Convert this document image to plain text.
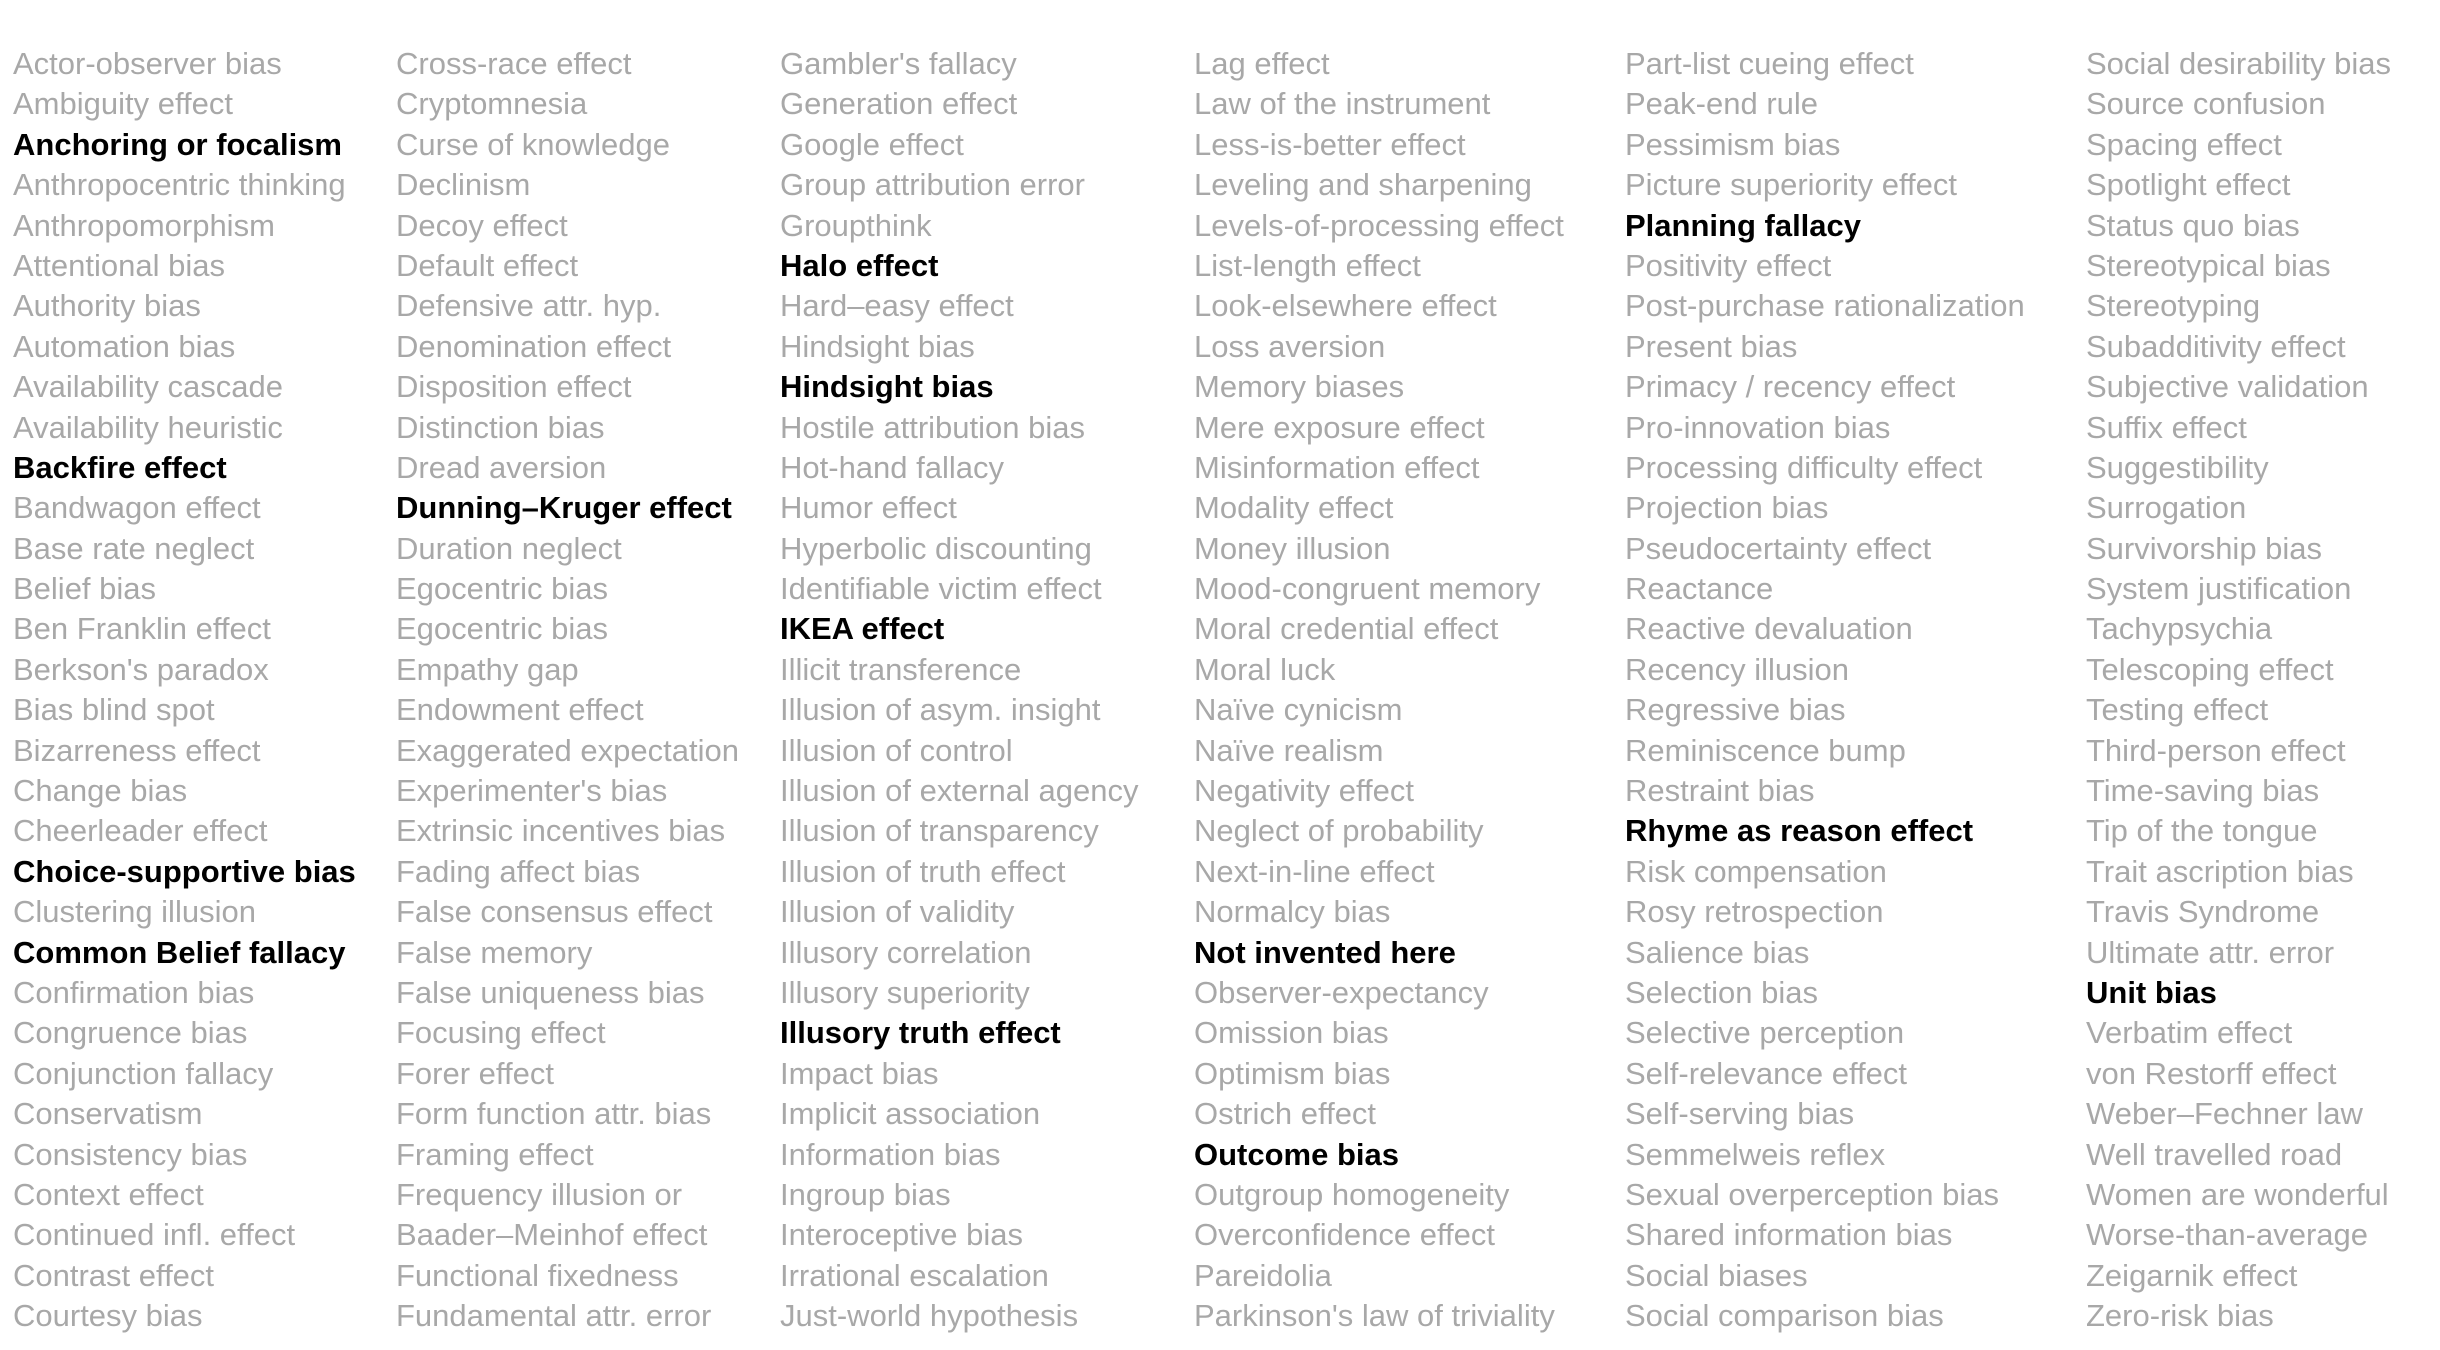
Actor-observer bias
Ambiguity effect
Anchoring or focalism
Anthropocentric thinking
Anthropomorphism
Attentional bias
Authority bias
Automation bias
Availability cascade
Availability heuristic
Backfire effect
Bandwagon effect
Base rate neglect
Belief bias
Ben Franklin effect
Berkson's paradox
Bias blind spot
Bizarreness effect
Change bias
Cheerleader effect
Choice-supportive bias
Clustering illusion
Common Belief fallacy
Confirmation bias
Congruence bias
Conjunction fallacy
Conservatism
Consistency bias
Context effect
Continued infl. effect
Contrast effect
Courtesy bias
Cross-race effect
Cryptomnesia
Curse of knowledge
Declinism
Decoy effect
Default effect
Defensive attr. hyp.
Denomination effect
Disposition effect
Distinction bias
Dread aversion
Dunning–Kruger effect
Duration neglect
Egocentric bias
Egocentric bias
Empathy gap
Endowment effect
Exaggerated expectation
Experimenter's bias
Extrinsic incentives bias
Fading affect bias
False consensus effect
False memory
False uniqueness bias
Focusing effect
Forer effect
Form function attr. bias
Framing effect
Frequency illusion or
Baader–Meinhof effect
Functional fixedness
Fundamental attr. error
Gambler's fallacy
Generation effect
Google effect
Group attribution error
Groupthink
Halo effect
Hard–easy effect
Hindsight bias
Hindsight bias
Hostile attribution bias
Hot-hand fallacy
Humor effect
Hyperbolic discounting
Identifiable victim effect
IKEA effect
Illicit transference
Illusion of asym. insight
Illusion of control
Illusion of external agency
Illusion of transparency
Illusion of truth effect
Illusion of validity
Illusory correlation
Illusory superiority
Illusory truth effect
Impact bias
Implicit association
Information bias
Ingroup bias
Interoceptive bias
Irrational escalation
Just-world hypothesis
Lag effect
Law of the instrument
Less-is-better effect
Leveling and sharpening
Levels-of-processing effect
List-length effect
Look-elsewhere effect
Loss aversion
Memory biases
Mere exposure effect
Misinformation effect
Modality effect
Money illusion
Mood-congruent memory
Moral credential effect
Moral luck
Naïve cynicism
Naïve realism
Negativity effect
Neglect of probability
Next-in-line effect
Normalcy bias
Not invented here
Observer-expectancy
Omission bias
Optimism bias
Ostrich effect
Outcome bias
Outgroup homogeneity
Overconfidence effect
Pareidolia
Parkinson's law of triviality
Part-list cueing effect
Peak-end rule
Pessimism bias
Picture superiority effect
Planning fallacy
Positivity effect
Post-purchase rationalization
Present bias
Primacy / recency effect
Pro-innovation bias
Processing difficulty effect
Projection bias
Pseudocertainty effect
Reactance
Reactive devaluation
Recency illusion
Regressive bias
Reminiscence bump
Restraint bias
Rhyme as reason effect
Risk compensation
Rosy retrospection
Salience bias
Selection bias
Selective perception
Self-relevance effect
Self-serving bias
Semmelweis reflex
Sexual overperception bias
Shared information bias
Social biases
Social comparison bias
Social desirability bias
Source confusion
Spacing effect
Spotlight effect
Status quo bias
Stereotypical bias
Stereotyping
Subadditivity effect
Subjective validation
Suffix effect
Suggestibility
Surrogation
Survivorship bias
System justification
Tachypsychia
Telescoping effect
Testing effect
Third-person effect
Time-saving bias
Tip of the tongue
Trait ascription bias
Travis Syndrome
Ultimate attr. error
Unit bias
Verbatim effect
von Restorff effect
Weber–Fechner law
Well travelled road
Women are wonderful
Worse-than-average
Zeigarnik effect
Zero-risk bias
